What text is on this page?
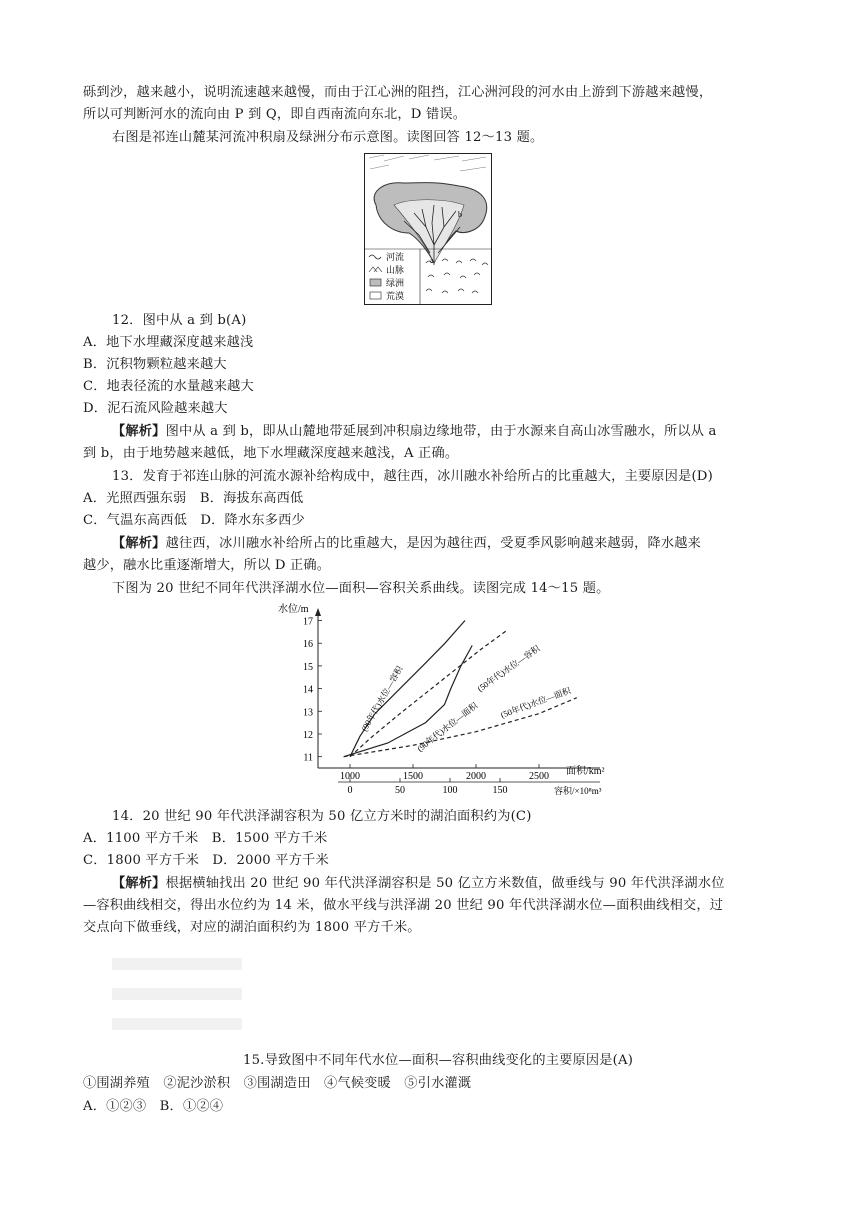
砾到沙，越来越小，说明流速越来越慢，而由于江心洲的阻挡，江心洲河段的河水由上游到下游越来越慢，

所以可判断河水的流向由 P 到 Q，即自西南流向东北，D 错误。

右图是祁连山麓某河流冲积扇及绿洲分布示意图。读图回答 12～13 题。

b
a
河流
山脉
绿洲
荒漠

12．图中从 a 到 b(A)

A．地下水埋藏深度越来越浅

B．沉积物颗粒越来越大

C．地表径流的水量越来越大

D．泥石流风险越来越大

【解析】图中从 a 到 b，即从山麓地带延展到冲积扇边缘地带，由于水源来自高山冰雪融水，所以从 a

到 b，由于地势越来越低，地下水埋藏深度越来越浅，A 正确。

13．发育于祁连山脉的河流水源补给构成中，越往西，冰川融水补给所占的比重越大，主要原因是(D)

A．光照西强东弱　B．海拔东高西低

C．气温东高西低　D．降水东多西少

【解析】越往西，冰川融水补给所占的比重越大，是因为越往西，受夏季风影响越来越弱，降水越来

越少，融水比重逐渐增大，所以 D 正确。

下图为 20 世纪不同年代洪泽湖水位—面积—容积关系曲线。读图完成 14～15 题。

水位/m
11
12
13
14
15
16
17
1000	1500	2000	2500 面积/km²
0	50	100	150	容积/×10⁸m³
(90年代)水位—容积	(50年代)水位—容积
(90年代)水位—面积 (50年代)水位—面积

14．20 世纪 90 年代洪泽湖容积为 50 亿立方米时的湖泊面积约为(C)

A．1100 平方千米　B．1500 平方千米

C．1800 平方千米　D．2000 平方千米

【解析】根据横轴找出 20 世纪 90 年代洪泽湖容积是 50 亿立方米数值，做垂线与 90 年代洪泽湖水位

—容积曲线相交，得出水位约为 14 米，做水平线与洪泽湖 20 世纪 90 年代洪泽湖水位—面积曲线相交，过

交点向下做垂线，对应的湖泊面积约为 1800 平方千米。

15.导致图中不同年代水位—面积—容积曲线变化的主要原因是(A)

①围湖养殖　②泥沙淤积　③围湖造田　④气候变暖　⑤引水灌溉

A．①②③　B．①②④
